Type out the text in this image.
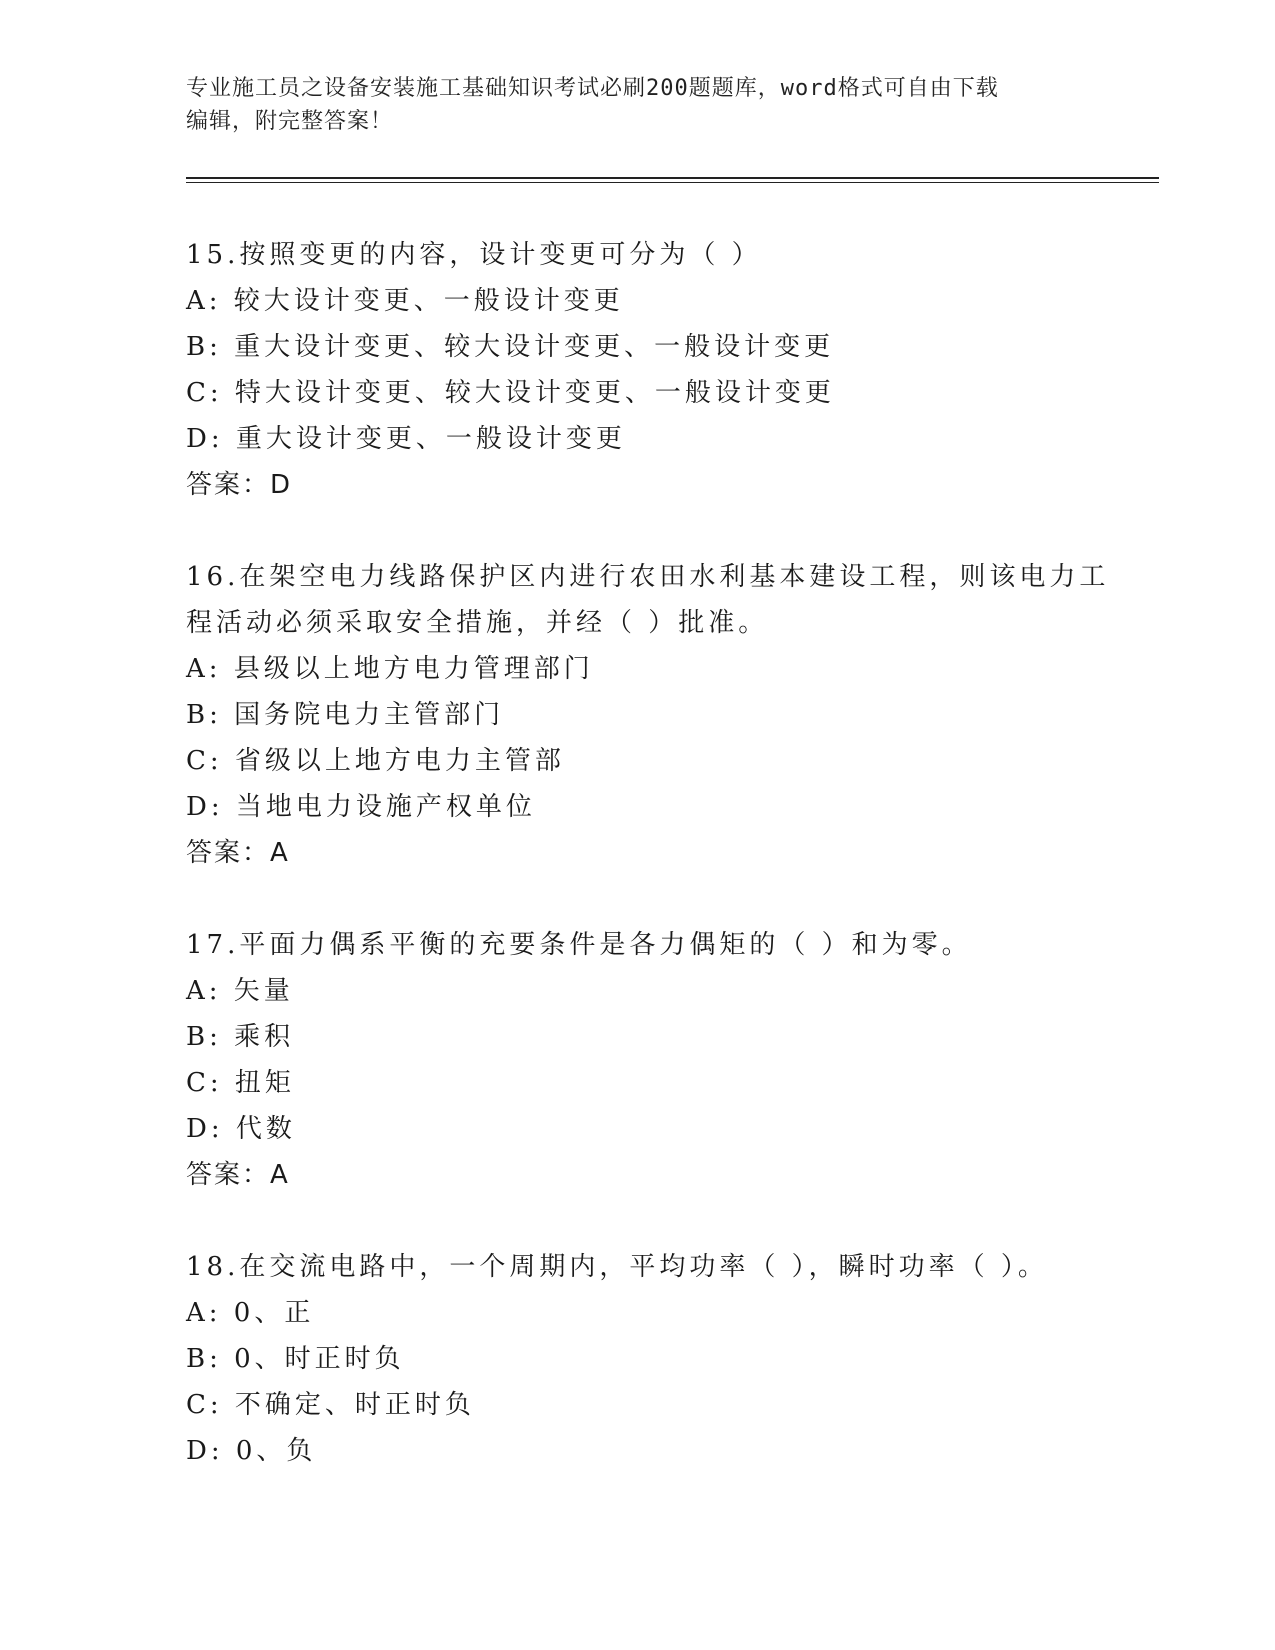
专业施工员之设备安装施工基础知识考试必刷200题题库，word格式可自由下载
编辑，附完整答案！
15.按照变更的内容，设计变更可分为（ ）
A: 较大设计变更、一般设计变更
B: 重大设计变更、较大设计变更、一般设计变更
C: 特大设计变更、较大设计变更、一般设计变更
D: 重大设计变更、一般设计变更
答案：D
16.在架空电力线路保护区内进行农田水利基本建设工程，则该电力工
程活动必须采取安全措施，并经（ ）批准。
A: 县级以上地方电力管理部门
B: 国务院电力主管部门
C: 省级以上地方电力主管部
D: 当地电力设施产权单位
答案：A
17.平面力偶系平衡的充要条件是各力偶矩的（ ）和为零。
A: 矢量
B: 乘积
C: 扭矩
D: 代数
答案：A
18.在交流电路中，一个周期内，平均功率（ ），瞬时功率（ ）。
A: 0、正
B: 0、时正时负
C: 不确定、时正时负
D: 0、负
